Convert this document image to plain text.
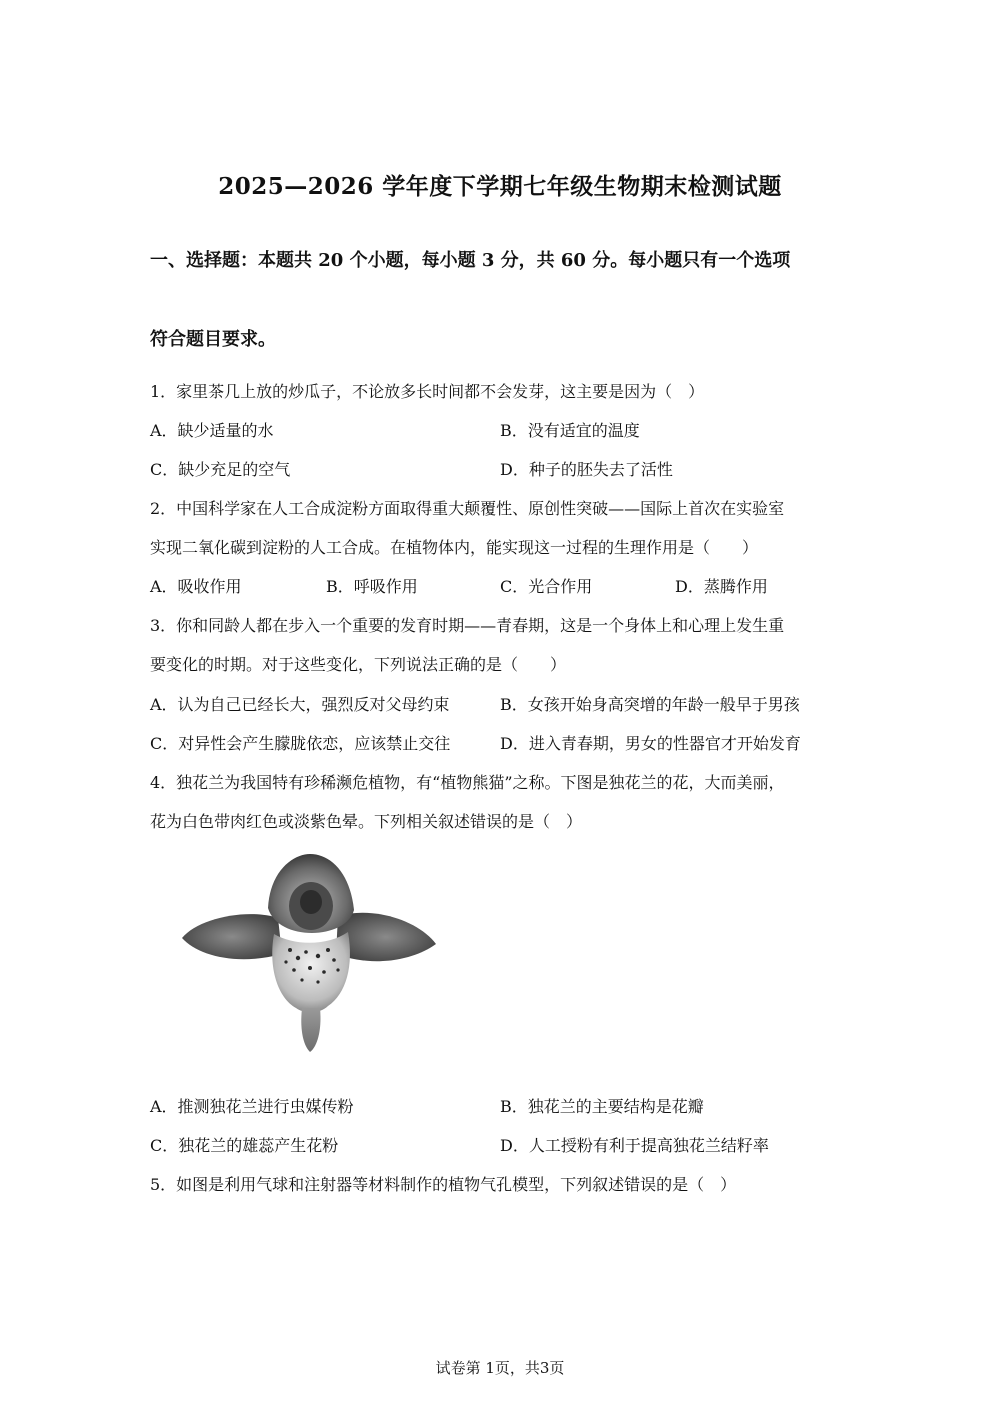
2025—2026 学年度下学期七年级生物期末检测试题
一、选择题：本题共 20 个小题，每小题 3 分，共 60 分。每小题只有一个选项
符合题目要求。
1．家里茶几上放的炒瓜子，不论放多长时间都不会发芽，这主要是因为（　）
A．缺少适量的水	B．没有适宜的温度
C．缺少充足的空气	D．种子的胚失去了活性
2．中国科学家在人工合成淀粉方面取得重大颠覆性、原创性突破——国际上首次在实验室
实现二氧化碳到淀粉的人工合成。在植物体内，能实现这一过程的生理作用是（　　）
A．吸收作用	B．呼吸作用	C．光合作用	D．蒸腾作用
3．你和同龄人都在步入一个重要的发育时期——青春期，这是一个身体上和心理上发生重
要变化的时期。对于这些变化，下列说法正确的是（　　）
A．认为自己已经长大，强烈反对父母约束	B．女孩开始身高突增的年龄一般早于男孩
C．对异性会产生朦胧依恋，应该禁止交往	D．进入青春期，男女的性器官才开始发育
4．独花兰为我国特有珍稀濒危植物，有“植物熊猫”之称。下图是独花兰的花，大而美丽，
花为白色带肉红色或淡紫色晕。下列相关叙述错误的是（　）
A．推测独花兰进行虫媒传粉	B．独花兰的主要结构是花瓣
C．独花兰的雄蕊产生花粉	D．人工授粉有利于提高独花兰结籽率
5．如图是利用气球和注射器等材料制作的植物气孔模型，下列叙述错误的是（　）
试卷第 1页，共3页
